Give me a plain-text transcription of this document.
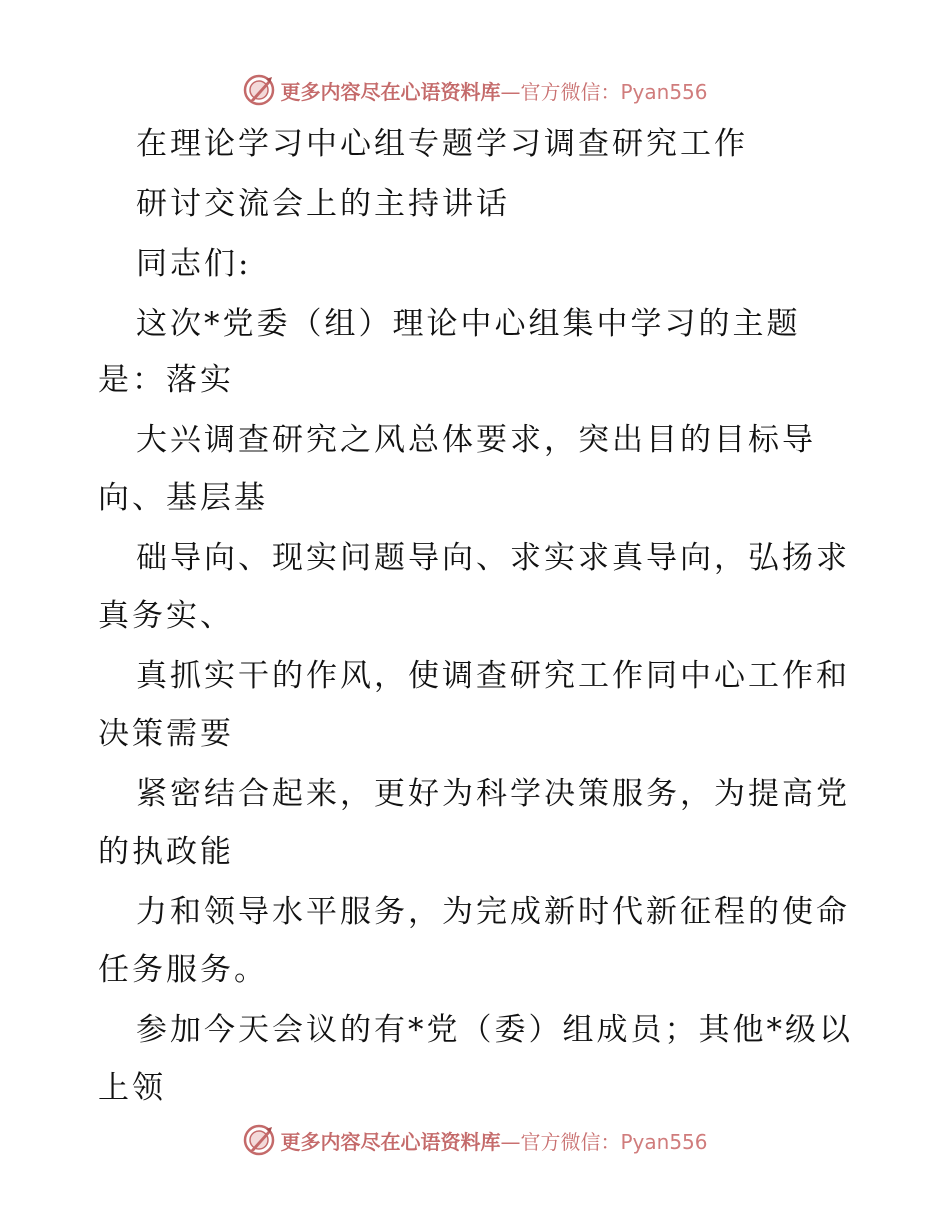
更多内容尽在心语资料库—官方微信：Pyan556
在理论学习中心组专题学习调查研究工作
研讨交流会上的主持讲话
同志们:
这次*党委（组）理论中心组集中学习的主题
是：落实
大兴调查研究之风总体要求，突出目的目标导
向、基层基
础导向、现实问题导向、求实求真导向，弘扬求
真务实、
真抓实干的作风，使调查研究工作同中心工作和
决策需要
紧密结合起来，更好为科学决策服务，为提高党
的执政能
力和领导水平服务，为完成新时代新征程的使命
任务服务。
参加今天会议的有*党（委）组成员；其他*级以
上领
更多内容尽在心语资料库—官方微信：Pyan556
